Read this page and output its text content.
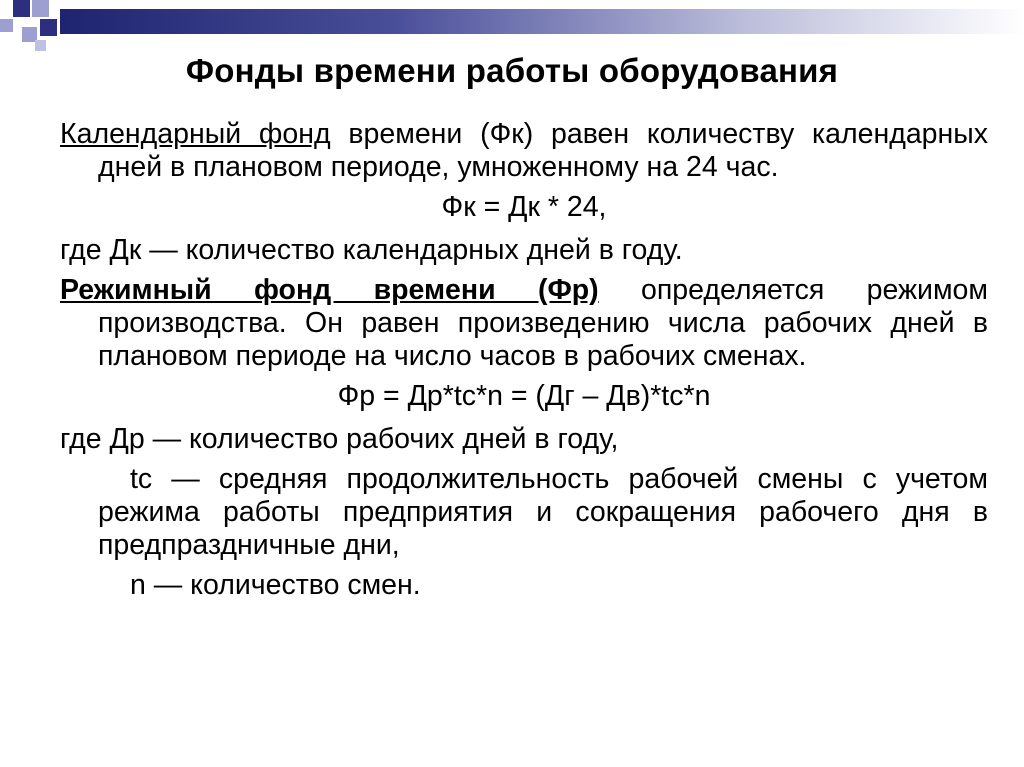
Фонды времени работы оборудования

Календарный фонд времени (Фк) равен количеству календарных дней в плановом периоде, умноженному на 24 час.

Фк = Дк * 24,

где Дк — количество календарных дней в году.

Режимный фонд времени (Фр) определяется режимом производства. Он равен произведению числа рабочих дней в плановом периоде на число часов в рабочих сменах.

Фр = Др*tc*n = (Дг – Дв)*tc*n

где Др — количество рабочих дней в году,

tc — средняя продолжительность рабочей смены с учетом режима работы предприятия и сокращения рабочего дня в предпраздничные дни,

n — количество смен.
